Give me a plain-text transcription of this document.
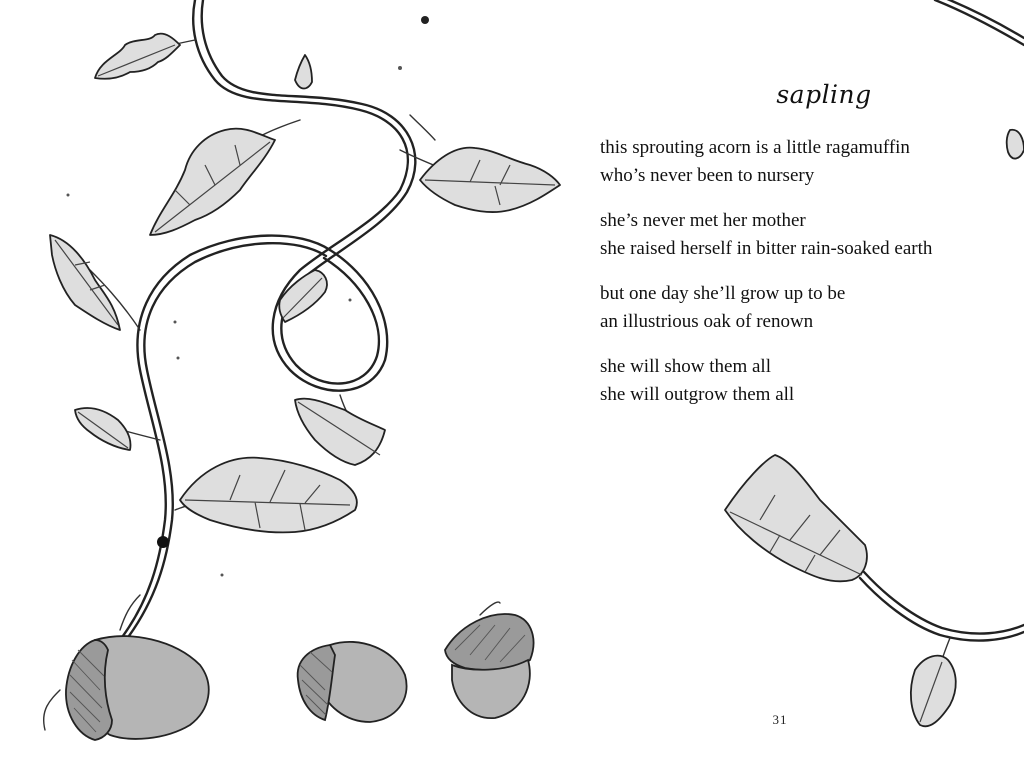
sapling
this sprouting acorn is a little ragamuffin
who’s never been to nursery
she’s never met her mother
she raised herself in bitter rain-soaked earth
but one day she’ll grow up to be
an illustrious oak of renown
she will show them all
she will outgrow them all
31
